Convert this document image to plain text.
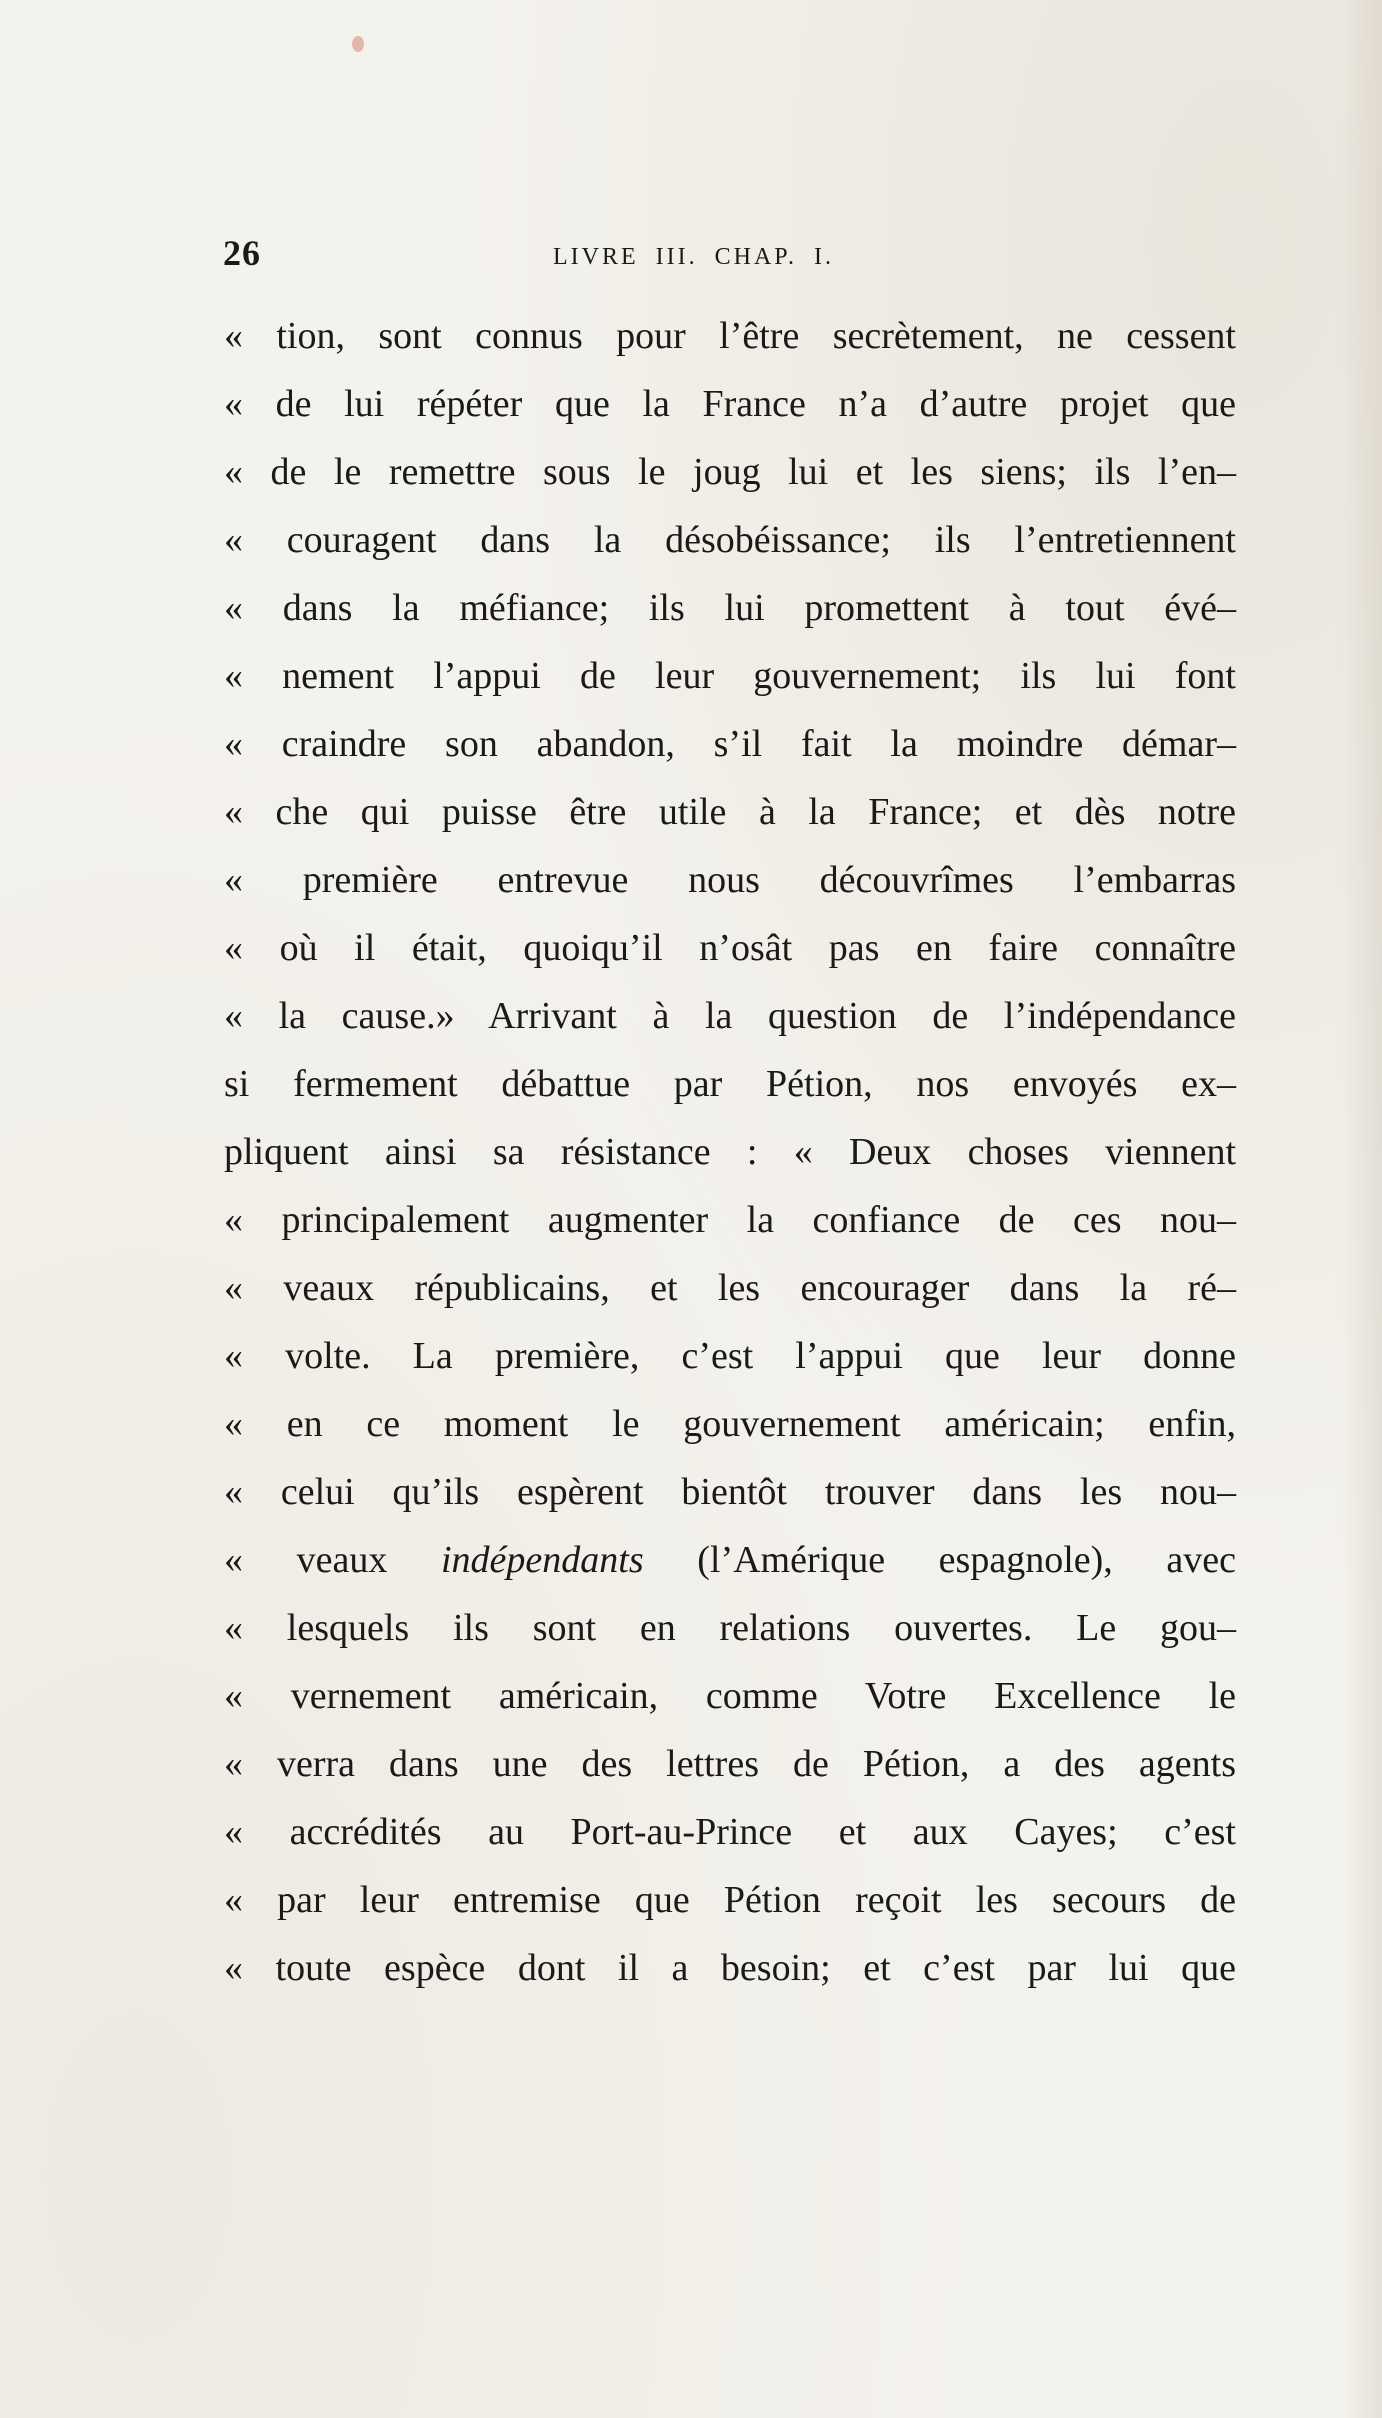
26	LIVRE III. CHAP. I.
« tion, sont connus pour l’être secrètement, ne cessent
« de lui répéter que la France n’a d’autre projet que
« de le remettre sous le joug lui et les siens; ils l’en–
« couragent dans la désobéissance; ils l’entretiennent
« dans la méfiance; ils lui promettent à tout évé–
« nement l’appui de leur gouvernement; ils lui font
« craindre son abandon, s’il fait la moindre démar–
« che qui puisse être utile à la France; et dès notre
« première entrevue nous découvrîmes l’embarras
« où il était, quoiqu’il n’osât pas en faire connaître
« la cause.» Arrivant à la question de l’indépendance
si fermement débattue par Pétion, nos envoyés ex–
pliquent ainsi sa résistance : « Deux choses viennent
« principalement augmenter la confiance de ces nou–
« veaux républicains, et les encourager dans la ré–
« volte. La première, c’est l’appui que leur donne
« en ce moment le gouvernement américain; enfin,
« celui qu’ils espèrent bientôt trouver dans les nou–
« veaux indépendants (l’Amérique espagnole), avec
« lesquels ils sont en relations ouvertes. Le gou–
« vernement américain, comme Votre Excellence le
« verra dans une des lettres de Pétion, a des agents
« accrédités au Port-au-Prince et aux Cayes; c’est
« par leur entremise que Pétion reçoit les secours de
« toute espèce dont il a besoin; et c’est par lui que
